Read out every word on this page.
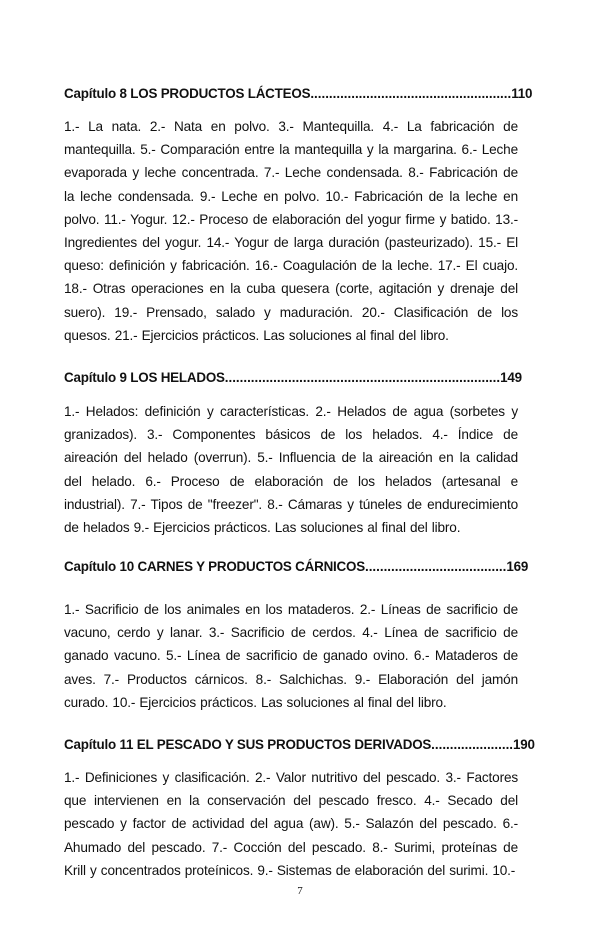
Capítulo 8 LOS PRODUCTOS LÁCTEOS......................................................110
1.- La nata. 2.- Nata en polvo. 3.- Mantequilla. 4.- La fabricación de mantequilla. 5.- Comparación entre la mantequilla y la margarina. 6.- Leche evaporada y leche concentrada. 7.- Leche condensada. 8.- Fabricación de la leche condensada. 9.- Leche en polvo. 10.- Fabricación de la leche en polvo. 11.- Yogur. 12.- Proceso de elaboración del yogur firme y batido. 13.- Ingredientes del yogur. 14.- Yogur de larga duración (pasteurizado). 15.- El queso: definición y fabricación. 16.- Coagulación de la leche. 17.- El cuajo. 18.- Otras operaciones en la cuba quesera (corte, agitación y drenaje del suero). 19.- Prensado, salado y maduración. 20.- Clasificación de los quesos. 21.- Ejercicios prácticos. Las soluciones al final del libro.
Capítulo 9 LOS HELADOS..........................................................................149
1.- Helados: definición y características. 2.- Helados de agua (sorbetes y granizados). 3.- Componentes básicos de los helados. 4.- Índice de aireación del helado (overrun). 5.- Influencia de la aireación en la calidad del helado. 6.- Proceso de elaboración de los helados (artesanal e industrial). 7.- Tipos de "freezer". 8.- Cámaras y túneles de endurecimiento de helados 9.- Ejercicios prácticos. Las soluciones al final del libro.
Capítulo 10 CARNES Y PRODUCTOS CÁRNICOS......................................169
1.- Sacrificio de los animales en los mataderos. 2.- Líneas de sacrificio de vacuno, cerdo y lanar. 3.- Sacrificio de cerdos. 4.- Línea de sacrificio de ganado vacuno. 5.- Línea de sacrificio de ganado ovino. 6.- Mataderos de aves. 7.- Productos cárnicos. 8.- Salchichas. 9.- Elaboración del jamón curado. 10.- Ejercicios prácticos. Las soluciones al final del libro.
Capítulo 11 EL PESCADO Y SUS PRODUCTOS DERIVADOS......................190
1.- Definiciones y clasificación. 2.- Valor nutritivo del pescado. 3.- Factores que intervienen en la conservación del pescado fresco. 4.- Secado del pescado y factor de actividad del agua (aw). 5.- Salazón del pescado. 6.- Ahumado del pescado. 7.- Cocción del pescado. 8.- Surimi, proteínas de Krill y concentrados proteínicos. 9.- Sistemas de elaboración del surimi. 10.-
7
